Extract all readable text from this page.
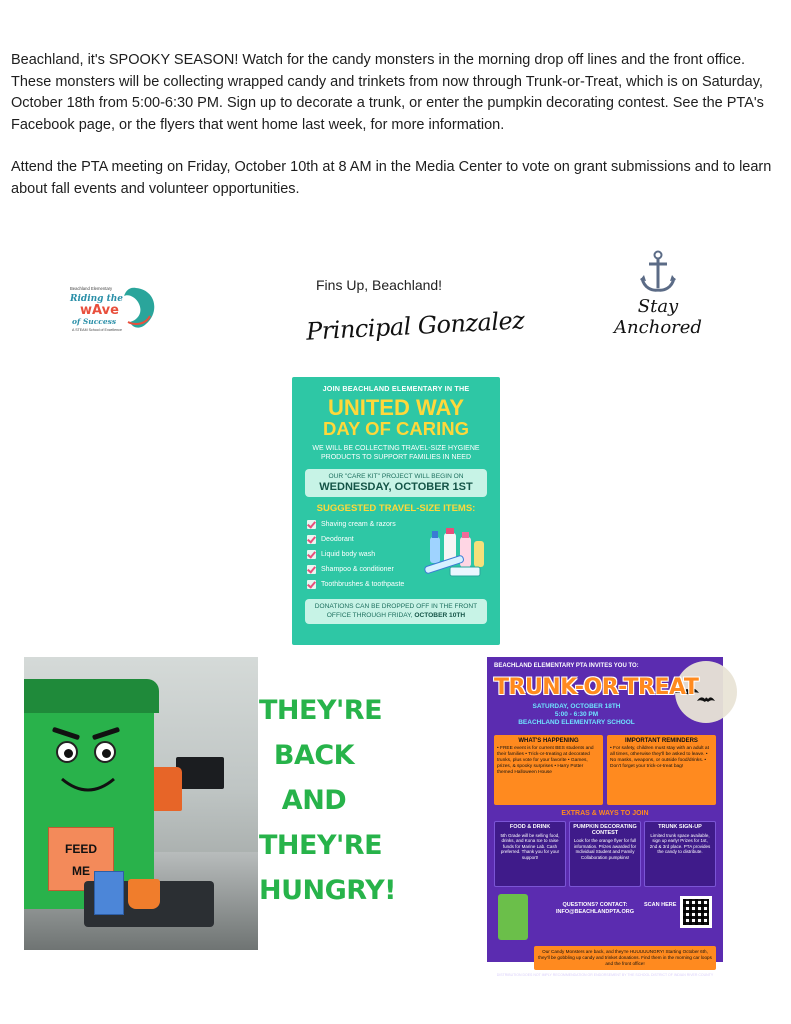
Beachland, it's SPOOKY SEASON! Watch for the candy monsters in the morning drop off lines and the front office. These monsters will be collecting wrapped candy and trinkets from now through Trunk-or-Treat, which is on Saturday, October 18th from 5:00-6:30 PM. Sign up to decorate a trunk, or enter the pumpkin decorating contest. See the PTA's Facebook page, or the flyers that went home last week, for more information.

Attend the PTA meeting on Friday, October 10th at 8 AM in the Media Center to vote on grant submissions and to learn about fall events and volunteer opportunities.

Beachland Elementary
Riding the
wAve
of Success
A STEAM School of Excellence
Fins Up, Beachland!
Principal Gonzalez	Stay Anchored
JOIN BEACHLAND ELEMENTARY IN THE
UNITED WAY
DAY OF CARING
WE WILL BE COLLECTING TRAVEL-SIZE HYGIENE PRODUCTS TO SUPPORT FAMILIES IN NEED
OUR "CARE KIT" PROJECT WILL BEGIN ON
WEDNESDAY, OCTOBER 1ST
SUGGESTED TRAVEL-SIZE ITEMS:
Shaving cream & razors
Deodorant
Liquid body wash
Shampoo & conditioner
Toothbrushes & toothpaste
DONATIONS CAN BE DROPPED OFF IN THE FRONT OFFICE THROUGH FRIDAY, OCTOBER 10TH
FEED
ME
THEY'RE
BACK
AND
THEY'RE
HUNGRY!
BEACHLAND ELEMENTARY PTA INVITES YOU TO:
TRUNK-OR-TREAT
SATURDAY, OCTOBER 18TH
5:00 - 6:30 PM
BEACHLAND ELEMENTARY SCHOOL
WHAT'S HAPPENING
• FREE event is for current BES students and their families • Trick-or-treating at decorated trunks, plus vote for your favorite • Games, prizes, & spooky surprises • Harry Potter themed Halloween House
IMPORTANT REMINDERS
• For safety, children must stay with an adult at all times, otherwise they'll be asked to leave. • No masks, weapons, or outside food/drinks. • Don't forget your trick-or-treat bag!
EXTRAS & WAYS TO JOIN
FOOD & DRINK
5th Grade will be selling food, drinks, and Kona Ice to raise funds for Marine Lab. Cash preferred. Thank you for your support!
PUMPKIN DECORATING CONTEST
Look for the orange flyer for full information. Prizes awarded for Individual Student and Family Collaboration pumpkins!
TRUNK SIGN-UP
Limited trunk space available, sign up early! Prizes for 1st, 2nd & 3rd place. PTA provides the candy to distribute.
QUESTIONS? CONTACT:
INFO@BEACHLANDPTA.ORG
SCAN HERE
Our Candy Monsters are back, and they're HUUUUUNGRY! Starting October 6th, they'll be gobbling up candy and trinket donations. Find them in the morning car loops and the front office!
DISTRIBUTION DOES NOT IMPLY RECOMMENDATION OR ENDORSEMENT BY THE SCHOOL DISTRICT OF INDIAN RIVER COUNTY
